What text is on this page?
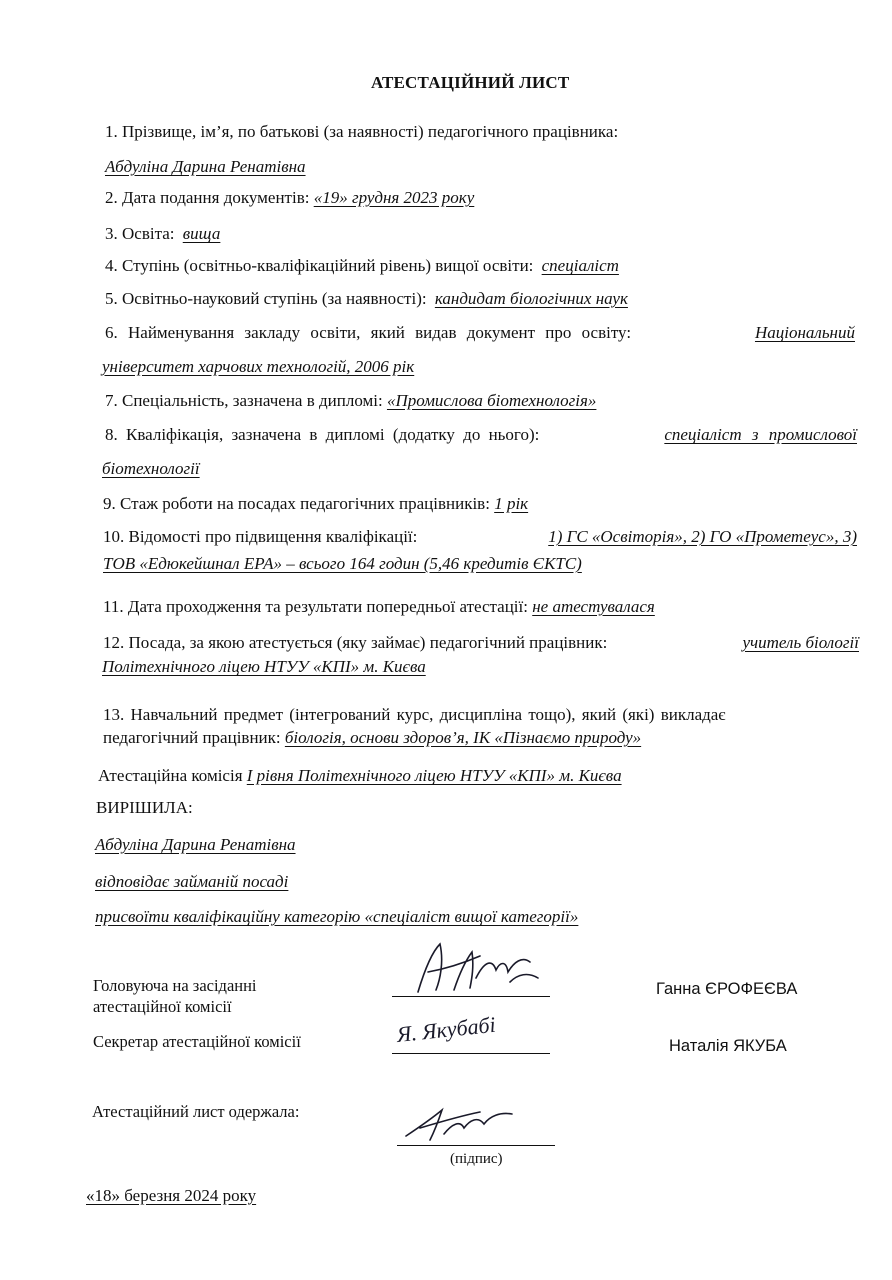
АТЕСТАЦІЙНИЙ ЛИСТ
1. Прізвище, ім’я, по батькові (за наявності) педагогічного працівника:
Абдуліна Дарина Ренатівна
2. Дата подання документів: «19» грудня 2023 року
3. Освіта: вища
4. Ступінь (освітньо-кваліфікаційний рівень) вищої освіти: спеціаліст
5. Освітньо-науковий ступінь (за наявності): кандидат біологічних наук
6. Найменування закладу освіти, який видав документ про освіту:	Національний
університет харчових технологій, 2006 рік
7. Спеціальність, зазначена в дипломі: «Промислова біотехнологія»
8. Кваліфікація, зазначена в дипломі (додатку до нього):	спеціаліст з промислової
біотехнології
9. Стаж роботи на посадах педагогічних працівників: 1 рік
10. Відомості про підвищення кваліфікації:	1) ГС «Освіторія», 2) ГО «Прометеус», 3)
ТОВ «Едюкейшнал ЕРА» – всього 164 годин (5,46 кредитів ЄКТС)
11. Дата проходження та результати попередньої атестації: не атестувалася
12. Посада, за якою атестується (яку займає) педагогічний працівник:	учитель біології
Політехнічного ліцею НТУУ «КПІ» м. Києва
13. Навчальний предмет (інтегрований курс, дисципліна тощо), який (які) викладає
педагогічний працівник: біологія, основи здоров’я, ІК «Пізнаємо природу»
Атестаційна комісія І рівня Політехнічного ліцею НТУУ «КПІ» м. Києва
ВИРІШИЛА:
Абдуліна Дарина Ренатівна
відповідає займаній посаді
присвоїти кваліфікаційну категорію «спеціаліст вищої категорії»
Головуюча на засіданні
атестаційної комісії
Ганна ЄРОФЕЄВА
Секретар атестаційної комісії	Я. Якубабі	Наталія ЯКУБА
Атестаційний лист одержала:
(підпис)
«18» березня 2024 року
